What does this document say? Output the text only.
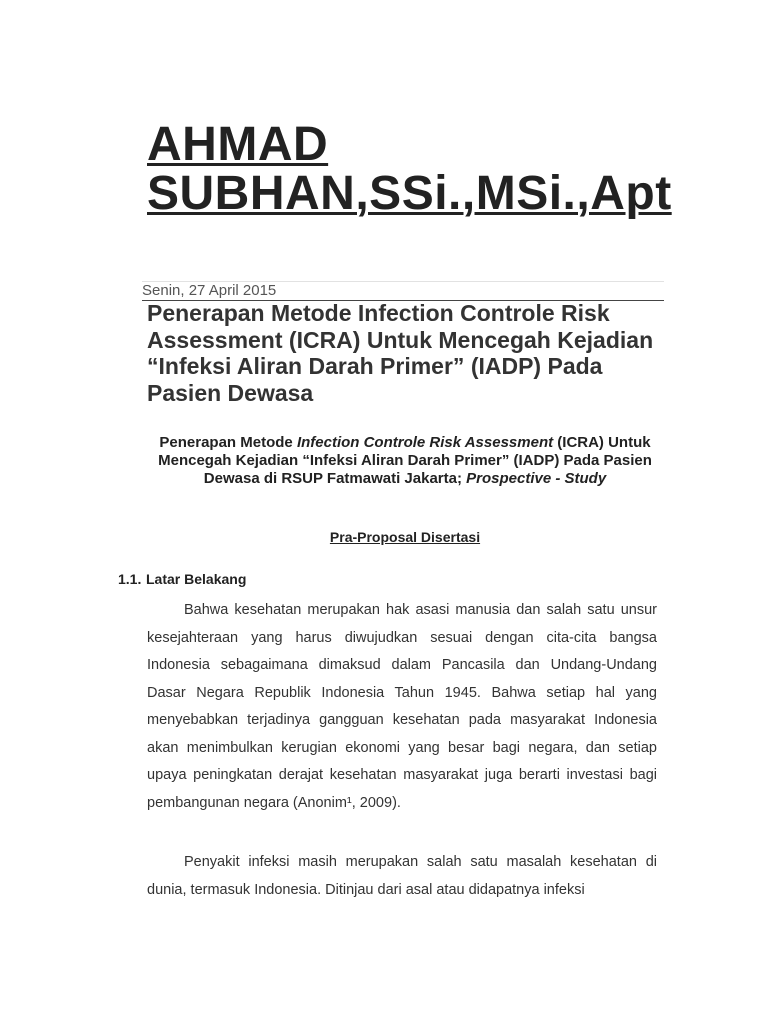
AHMAD SUBHAN,SSi.,MSi.,Apt
Senin, 27 April 2015
Penerapan Metode Infection Controle Risk Assessment (ICRA) Untuk Mencegah Kejadian “Infeksi Aliran Darah Primer” (IADP) Pada Pasien Dewasa
Penerapan Metode Infection Controle Risk Assessment (ICRA) Untuk Mencegah Kejadian “Infeksi Aliran Darah Primer” (IADP) Pada Pasien Dewasa di RSUP Fatmawati Jakarta; Prospective - Study
Pra-Proposal Disertasi
1.1. Latar Belakang

Bahwa kesehatan merupakan hak asasi manusia dan salah satu unsur kesejahteraan yang harus diwujudkan sesuai dengan cita-cita bangsa Indonesia sebagaimana dimaksud dalam Pancasila dan Undang-Undang Dasar Negara Republik Indonesia Tahun 1945. Bahwa setiap hal yang menyebabkan terjadinya gangguan kesehatan pada masyarakat Indonesia akan menimbulkan kerugian ekonomi yang besar bagi negara, dan setiap upaya peningkatan derajat kesehatan masyarakat juga berarti investasi bagi pembangunan negara (Anonim¹, 2009).

Penyakit infeksi masih merupakan salah satu masalah kesehatan di dunia, termasuk Indonesia. Ditinjau dari asal atau didapatnya infeksi
